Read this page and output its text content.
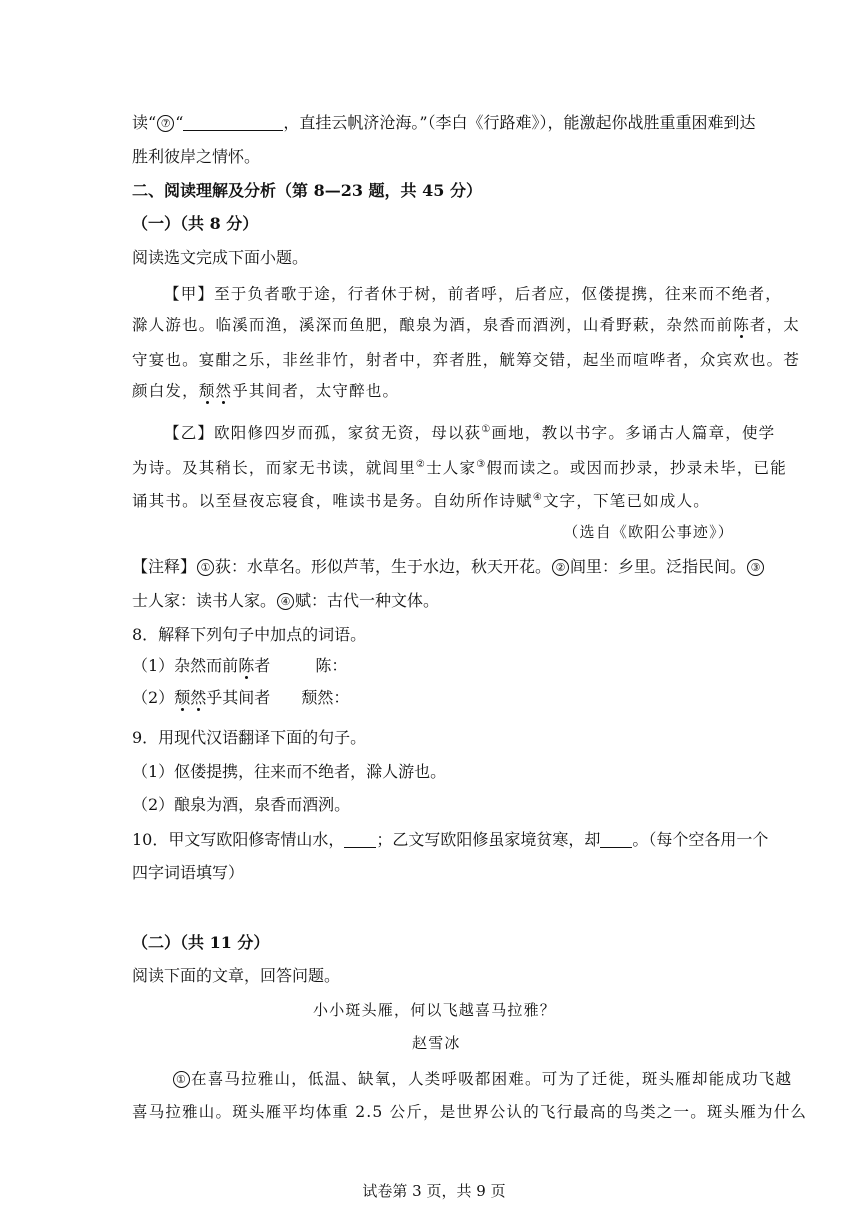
读“ ⑦ “	，直挂云帆济沧海。”（李白《行路难》），能激起你战胜重重困难到达
胜利彼岸之情怀。
二、阅读理解及分析（第 8—23 题，共 45 分）
（一）（共 8 分）
阅读选文完成下面小题。
【甲】至于负者歌于途，行者休于树，前者呼，后者应，伛偻提携，往来而不绝者，
滁人游也。临溪而渔，溪深而鱼肥，酿泉为酒，泉香而酒洌，山肴野蔌，杂然而前陈者，太
守宴也。宴酣之乐，非丝非竹，射者中，弈者胜，觥筹交错，起坐而喧哗者，众宾欢也。苍
颜白发，颓然乎其间者，太守醉也。
【乙】欧阳修四岁而孤，家贫无资，母以荻①画地，教以书字。多诵古人篇章，使学
为诗。及其稍长，而家无书读，就闾里②士人家③假而读之。或因而抄录，抄录未毕，已能
诵其书。以至昼夜忘寝食，唯读书是务。自幼所作诗赋④文字，下笔已如成人。
（选自《欧阳公事迹》）
【注释】 ① 荻：水草名。形似芦苇，生于水边，秋天开花。 ② 闾里：乡里。泛指民间。 ③
士人家：读书人家。 ④ 赋：古代一种文体。
8．解释下列句子中加点的词语。
（1）杂然而前陈者	陈：
（2）颓然乎其间者 颓然：
9．用现代汉语翻译下面的句子。
（1）伛偻提携，往来而不绝者，滁人游也。
（2）酿泉为酒，泉香而酒洌。
10．甲文写欧阳修寄情山水， ；乙文写欧阳修虽家境贫寒，却 。（每个空各用一个
四字词语填写）
（二）（共 11 分）
阅读下面的文章，回答问题。
小小斑头雁，何以飞越喜马拉雅？
赵雪冰
① 在喜马拉雅山，低温、缺氧，人类呼吸都困难。可为了迁徙，斑头雁却能成功飞越
喜马拉雅山。斑头雁平均体重 2.5 公斤，是世界公认的飞行最高的鸟类之一。斑头雁为什么
试卷第 3 页，共 9 页
